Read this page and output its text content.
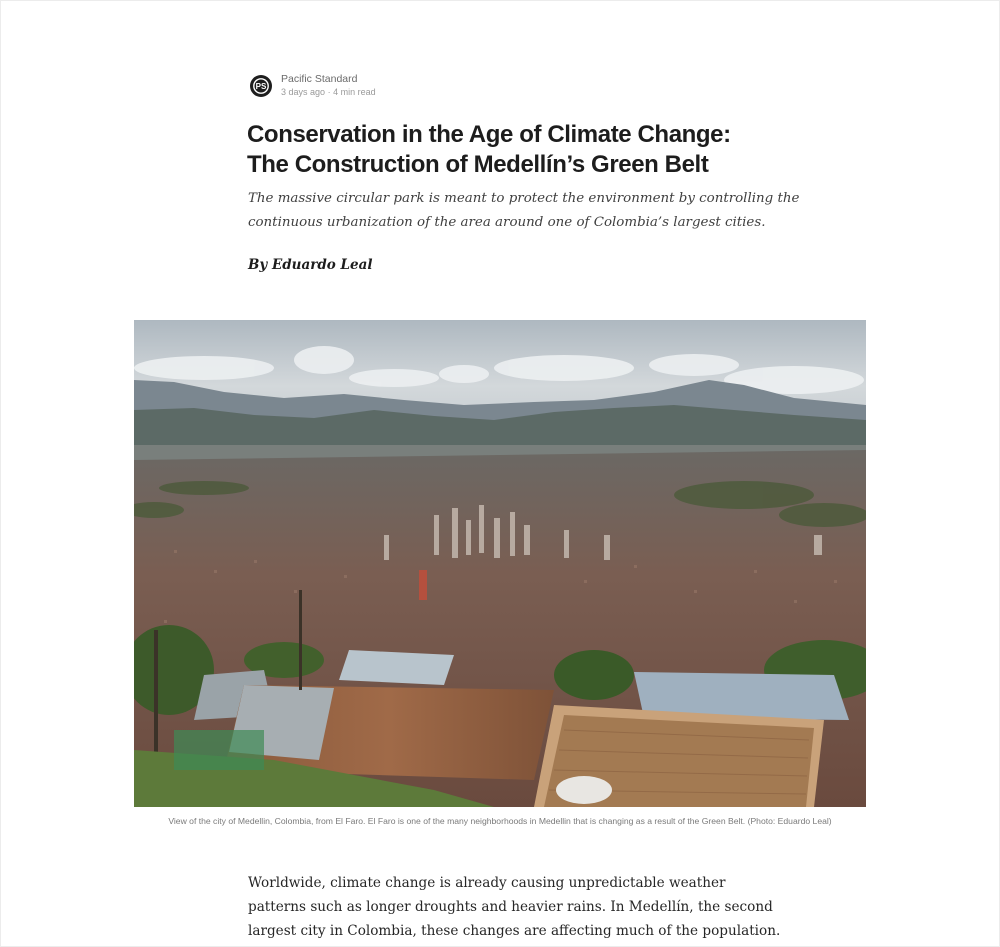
PS
Pacific Standard
3 days ago · 4 min read
Conservation in the Age of Climate Change:
The Construction of Medellín’s Green Belt

The massive circular park is meant to protect the environment by controlling the
continuous urbanization of the area around one of Colombia’s largest cities.

By Eduardo Leal

View of the city of Medellin, Colombia, from El Faro. El Faro is one of the many neighborhoods in Medellin that is changing as a result of the Green Belt. (Photo: Eduardo Leal)

Worldwide, climate change is already causing unpredictable weather
patterns such as longer droughts and heavier rains. In Medellín, the second
largest city in Colombia, these changes are affecting much of the population.
